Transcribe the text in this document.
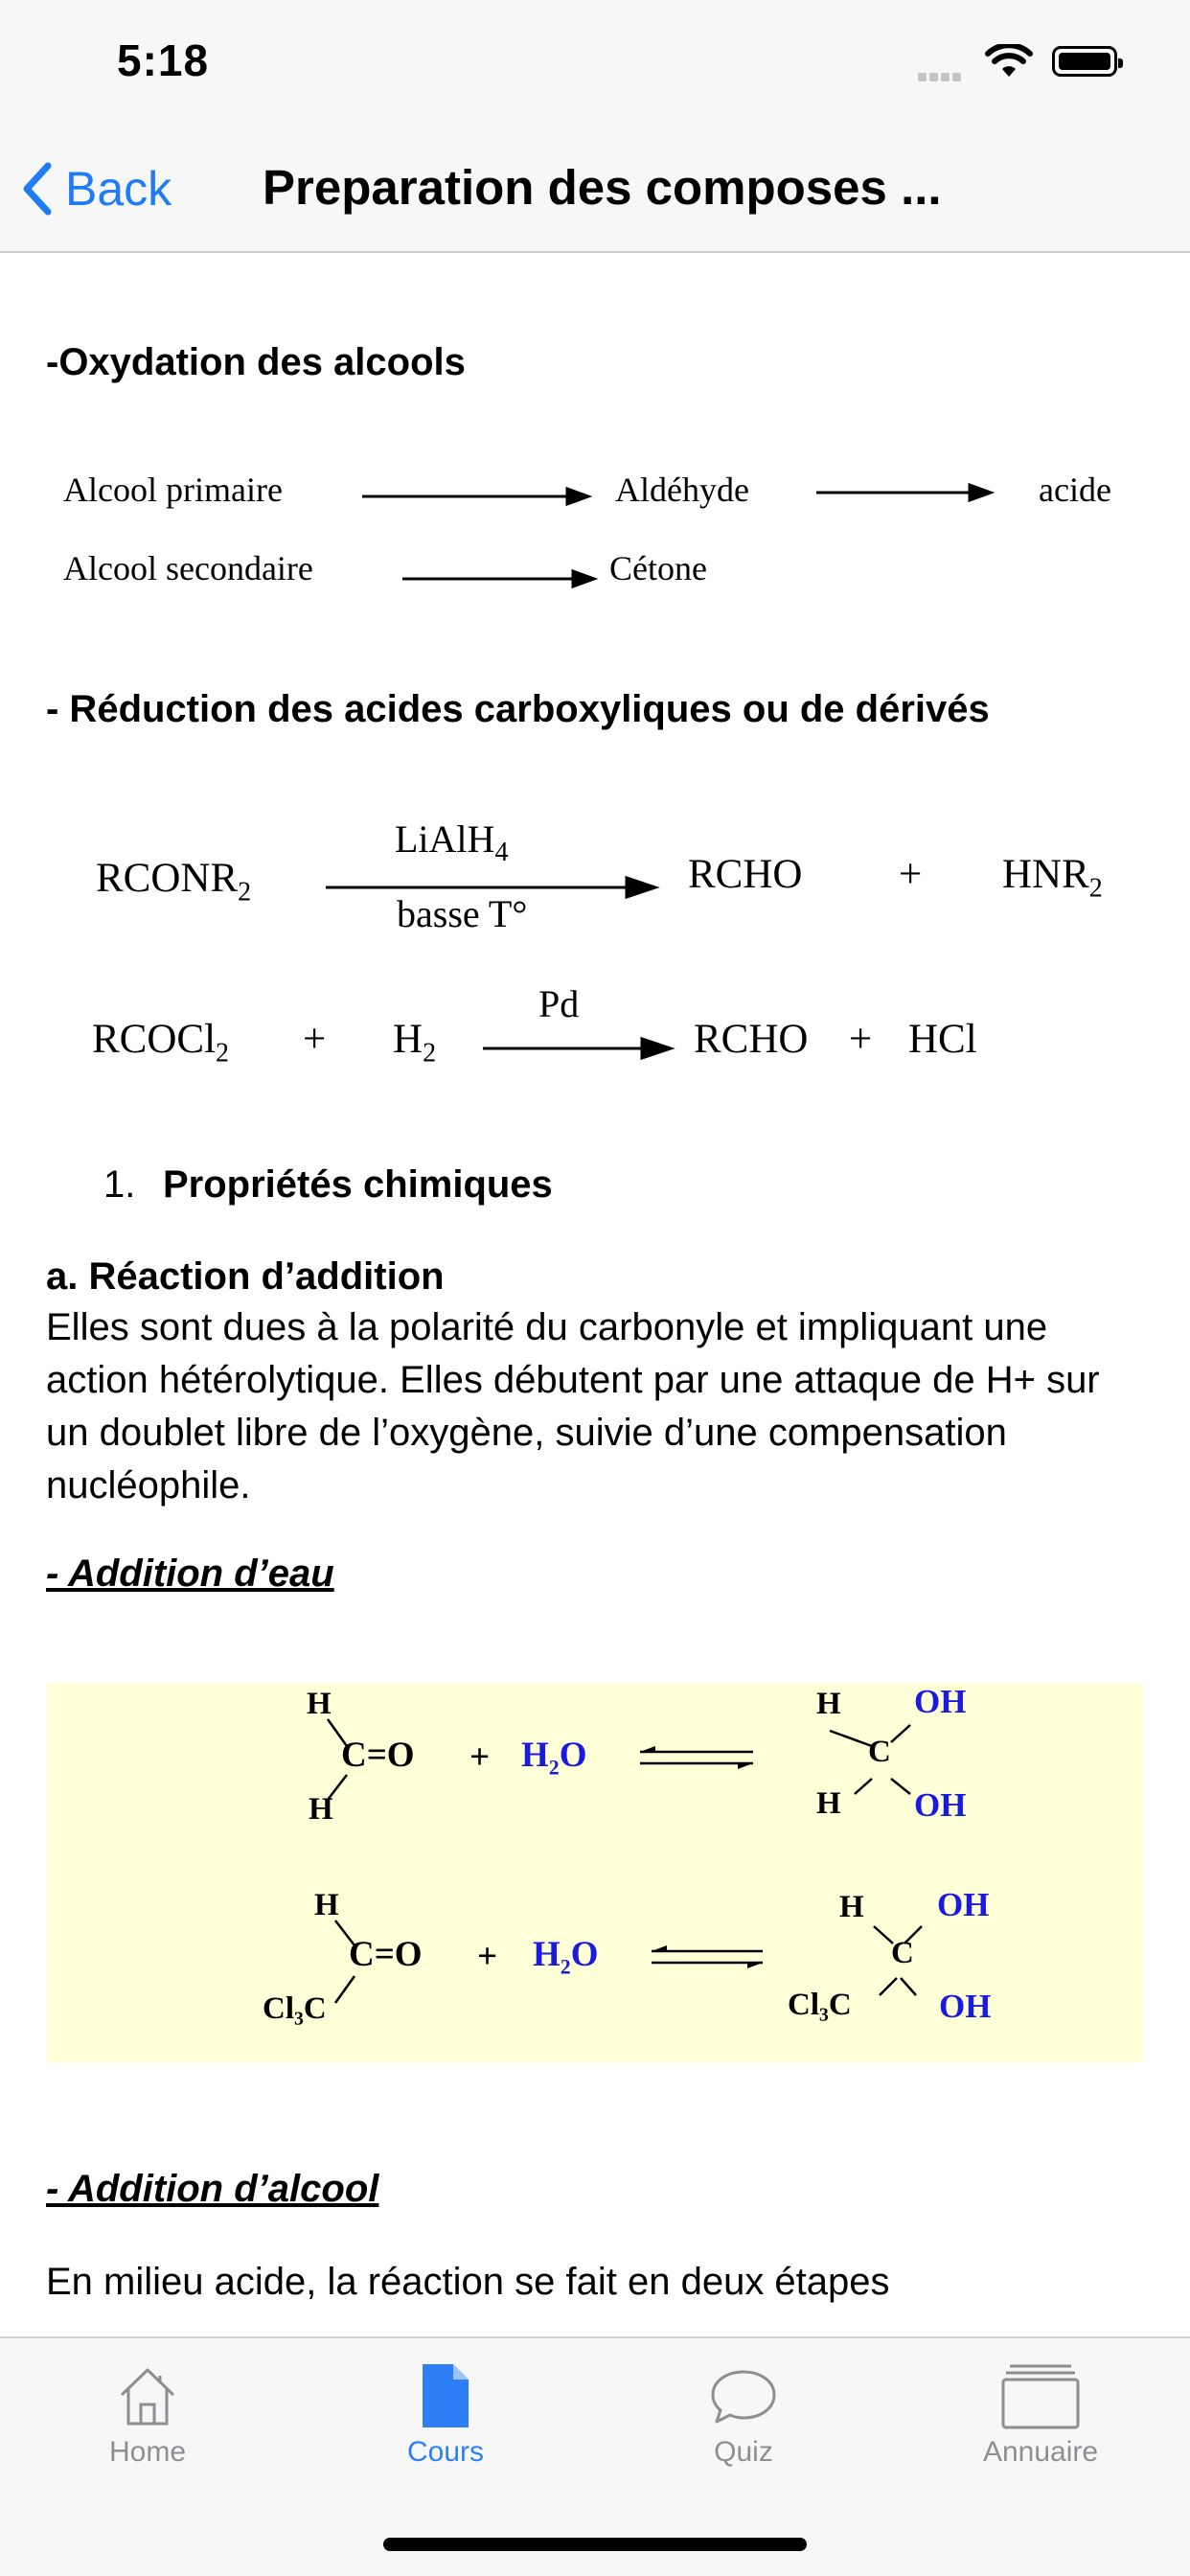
5:18
Back Preparation des composes ...
-Oxydation des alcools
Alcool primaire	Aldéhyde	acide
Alcool secondaire	Cétone
- Réduction des acides carboxyliques ou de dérivés
$RCONR_2$
LiAlH$_4$
basse T°
RCHO + $HNR_2$
RCOCl$_2$ + $H_2$
Pd
RCHO + HCl
1. Propriétés chimiques
a. Réaction d’addition
Elles sont dues à la polarité du carbonyle et impliquant une action hétérolytique. Elles débutent par une attaque de H+ sur un doublet libre de l’oxygène, suivie d’une compensation nucléophile.
- Addition d’eau
H
C=O
H
+ $H_2O$
H OH
C
H OH
H
C=O
Cl₃C
+ $H_2O$
H OH
C
Cl₃C	OH
- Addition d’alcool
En milieu acide, la réaction se fait en deux étapes
Home	Cours	Quiz	Annuaire
